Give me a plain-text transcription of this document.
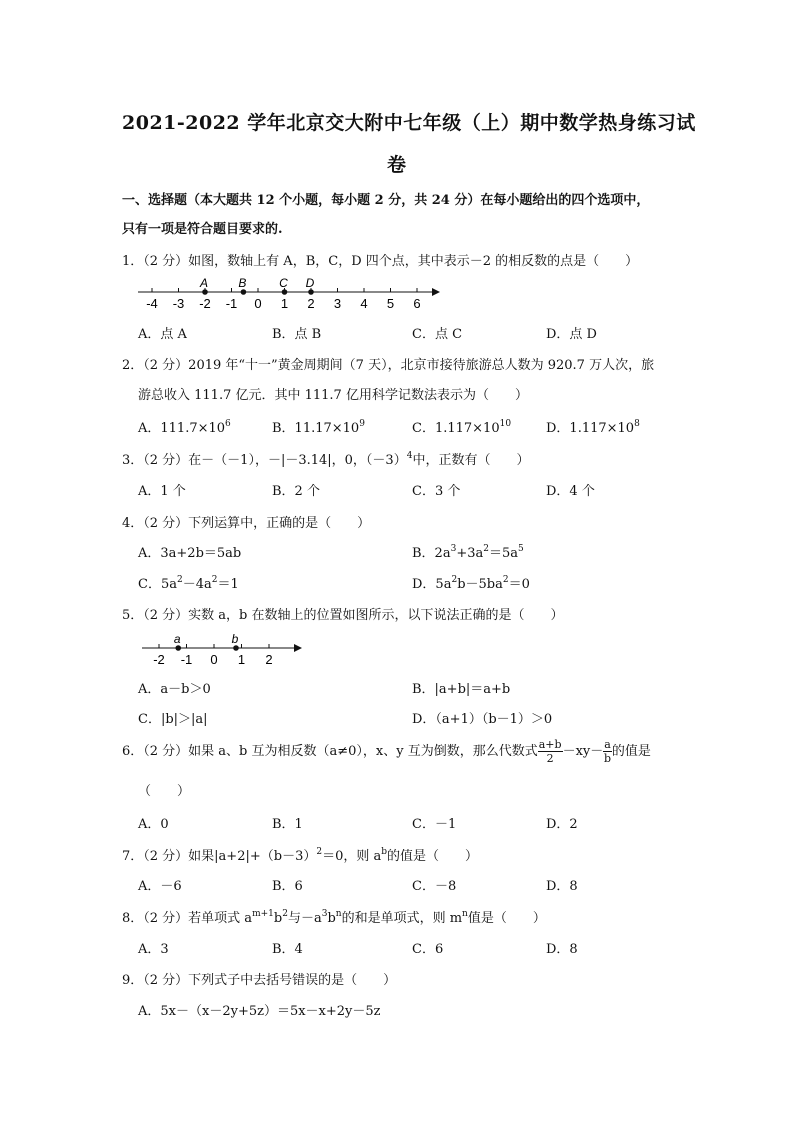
2021-2022 学年北京交大附中七年级（上）期中数学热身练习试
卷
一、选择题（本大题共 12 个小题，每小题 2 分，共 24 分）在每小题给出的四个选项中，
只有一项是符合题目要求的.
1．（2 分）如图，数轴上有 A，B，C，D 四个点，其中表示－2 的相反数的点是（　　）
-4 -3 -2 -1 0 1 2 3 4 5 6
A	B	C D
A．点 A	B．点 B	C．点 C	D．点 D
2．（2 分）2019 年“十一”黄金周期间（7 天），北京市接待旅游总人数为 920.7 万人次，旅
游总收入 111.7 亿元．其中 111.7 亿用科学记数法表示为（　　）
A．$111.7\times 10^6$	B．$11.17\times 10^9$	C．$1.117\times 10^{10}$	D．$1.117\times 10^8$
3．（2 分）在－（－1），－|－3.14|，0，$(-3)^4$中，正数有（　　）
A．1 个	B．2 个	C．3 个	D．4 个
4．（2 分）下列运算中，正确的是（　　）
A．3a+2b＝5ab	B．$2a^3+3a^2=5a^5$
C．$5a^2-4a^2=1$	D．$5a^2b-5ba^2=0$
5．（2 分）实数 a，b 在数轴上的位置如图所示，以下说法正确的是（　　）
-2 -1 0 1 2
a	b
A．a－b＞0	B．|a+b|＝a+b
C．|b|＞|a|	D．（a+1）（b－1）＞0
6．（2 分）如果 a、b 互为相反数（a≠0），x、y 互为倒数，那么代数式 $\frac{a+b}{2} -xy- \frac{a}{b}$ 的值是
（　　）
A．0	B．1	C．－1	D．2
7．（2 分）如果$|a+2|+(b-3)^2=0$，则 $a^b$的值是（　　）
A．－6	B．6	C．－8	D．8
8．（2 分）若单项式 $a^{m+1}b^2$与$-a^3b^n$的和是单项式，则 $m^n$值是（　　）
A．3	B．4	C．6	D．8
9．（2 分）下列式子中去括号错误的是（　　）
A．5x－（x－2y+5z）＝5x－x+2y－5z
